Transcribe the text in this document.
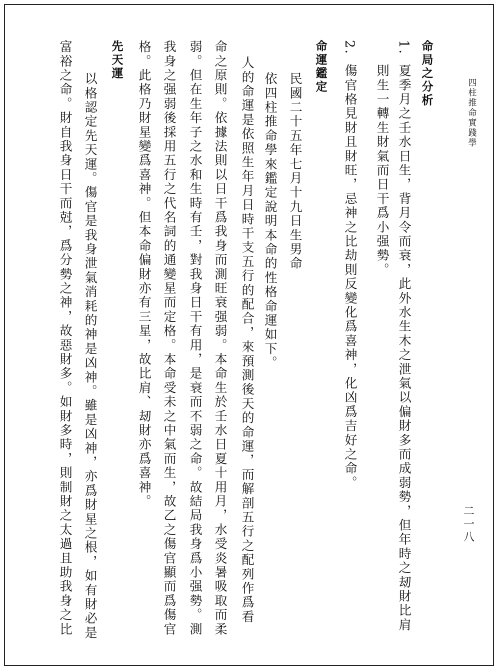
四柱推命實踐學
二一八
命局之分析
1.
夏季月之壬水日生，背月令而衰，此外水生木之泄氣以偏財多而成弱勢，但年時之刼財比肩
則生一轉生財氣而日干爲小强勢。
2.
傷官格見財且財旺，忌神之比劫則反變化爲喜神，化凶爲吉好之命。
命運鑑定
民國二十五年七月十九日生男命
依四柱推命學來鑑定說明本命的性格命運如下。
人的命運是依照生年月日時干支五行的配合，來預測後天的命運，而解剖五行之配列作爲看
命之原則。依據法則以日干爲我身而測旺衰强弱。本命生於壬水日夏十用月，水受炎暑吸取而柔
弱。但在生年子之水和生時有壬，對我身日干有用，是衰而不弱之命。故結局我身爲小强勢。測
我身之强弱後採用五行之代名詞的通變星而定格。本命受未之中氣而生，故乙之傷官顯而爲傷官
格。此格乃財星變爲喜神。但本命偏財亦有三星，故比肩、刼財亦爲喜神。
先天運
以格認定先天運。傷官是我身泄氣消耗的神是凶神。雖是凶神，亦爲財星之根，如有財必是
富裕之命。財自我身日干而尅，爲分勢之神，故惡財多。如財多時，則制財之太過且助我身之比
